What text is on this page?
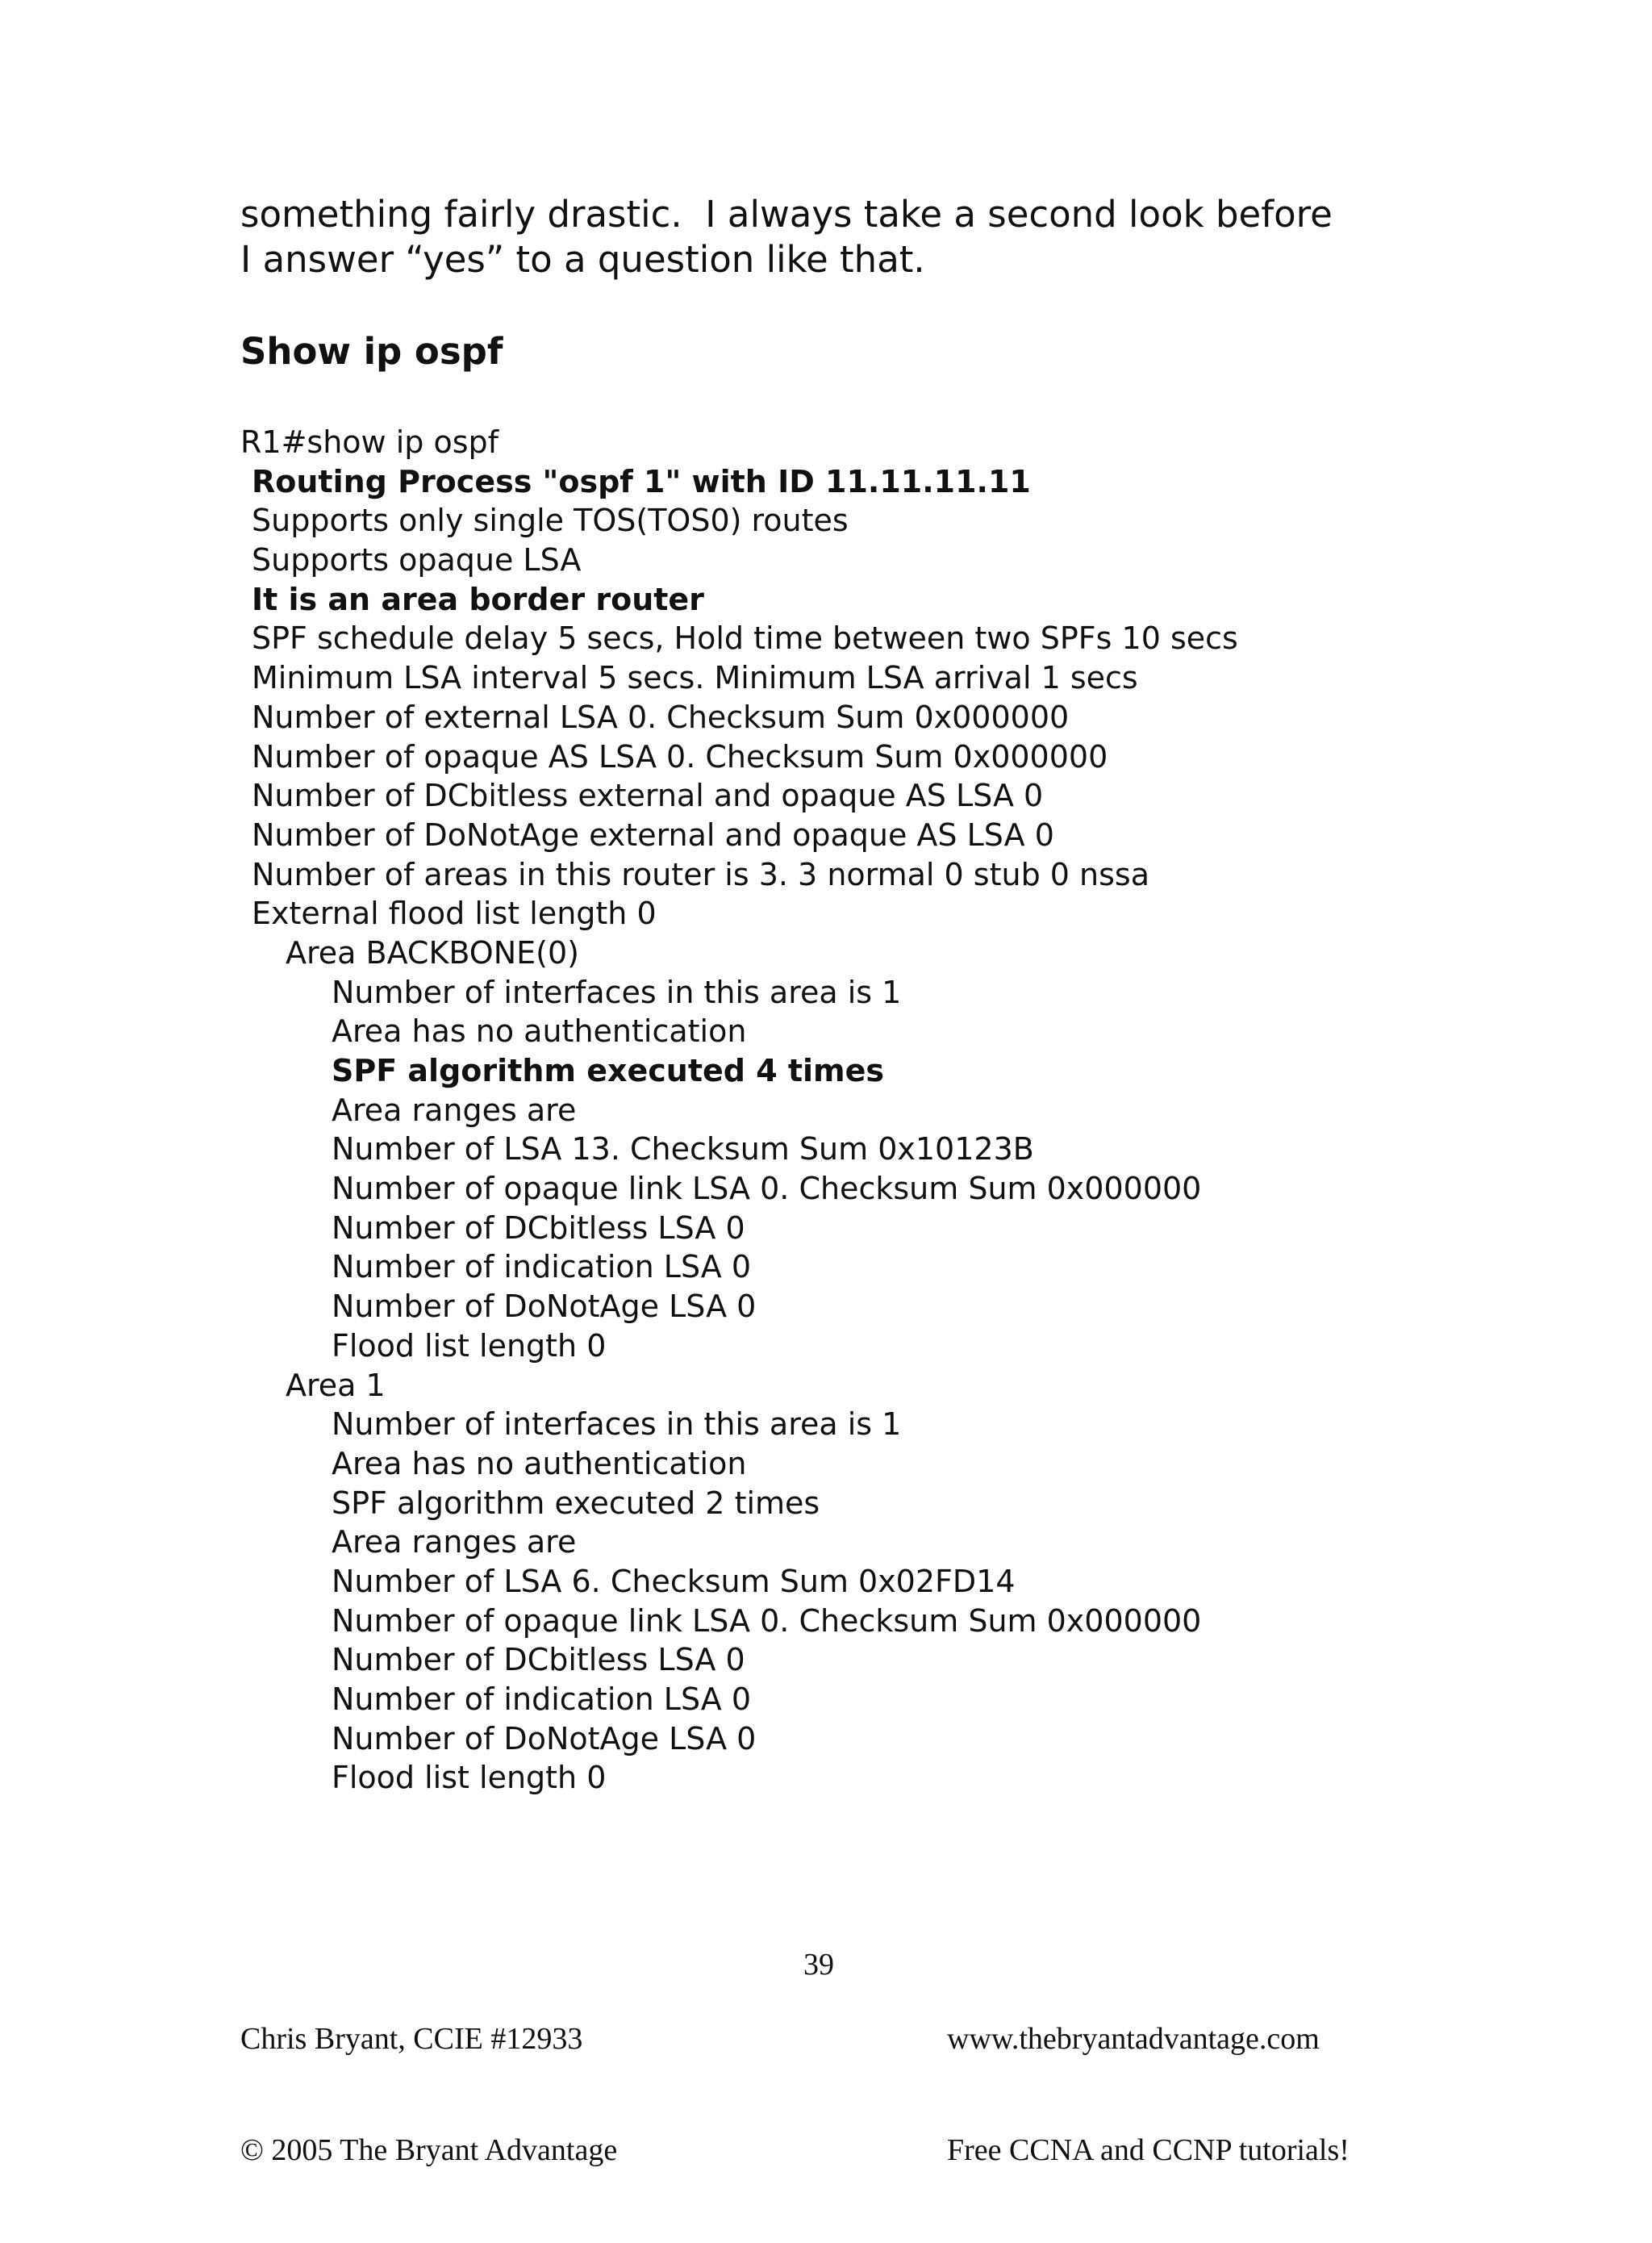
something fairly drastic.  I always take a second look before

I answer “yes” to a question like that.

Show ip ospf
R1#show ip ospf
Routing Process "ospf 1" with ID 11.11.11.11
Supports only single TOS(TOS0) routes
Supports opaque LSA
It is an area border router
SPF schedule delay 5 secs, Hold time between two SPFs 10 secs
Minimum LSA interval 5 secs. Minimum LSA arrival 1 secs
Number of external LSA 0. Checksum Sum 0x000000
Number of opaque AS LSA 0. Checksum Sum 0x000000
Number of DCbitless external and opaque AS LSA 0
Number of DoNotAge external and opaque AS LSA 0
Number of areas in this router is 3. 3 normal 0 stub 0 nssa
External flood list length 0
Area BACKBONE(0)
Number of interfaces in this area is 1
Area has no authentication
SPF algorithm executed 4 times
Area ranges are
Number of LSA 13. Checksum Sum 0x10123B
Number of opaque link LSA 0. Checksum Sum 0x000000
Number of DCbitless LSA 0
Number of indication LSA 0
Number of DoNotAge LSA 0
Flood list length 0
Area 1
Number of interfaces in this area is 1
Area has no authentication
SPF algorithm executed 2 times
Area ranges are
Number of LSA 6. Checksum Sum 0x02FD14
Number of opaque link LSA 0. Checksum Sum 0x000000
Number of DCbitless LSA 0
Number of indication LSA 0
Number of DoNotAge LSA 0
Flood list length 0

Chris Bryant, CCIE #12933

© 2005 The Bryant Advantage

39

www.thebryantadvantage.com

Free CCNA and CCNP tutorials!
